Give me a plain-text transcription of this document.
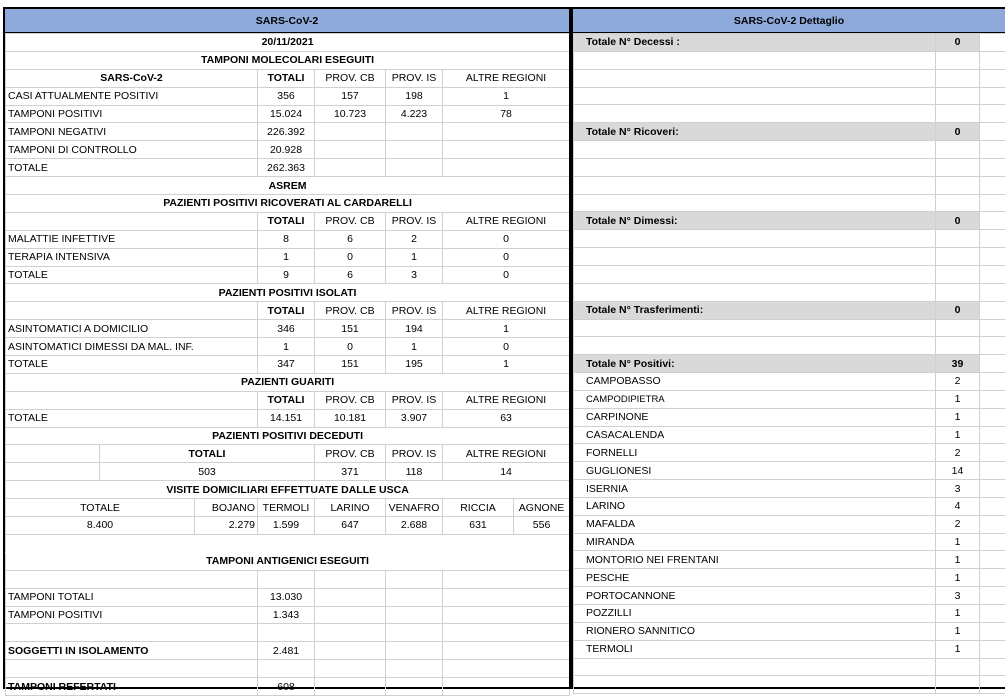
SARS-CoV-2
20/11/2021							
TAMPONI MOLECOLARI ESEGUITI							
SARS-CoV-2			TOTALI	PROV. CB	PROV. IS	ALTRE REGIONI	
CASI ATTUALMENTE POSITIVI			356	157	198	1	
TAMPONI POSITIVI			15.024	10.723	4.223	78	
TAMPONI NEGATIVI			226.392				
TAMPONI DI CONTROLLO			20.928				
TOTALE			262.363				
ASREM							
PAZIENTI POSITIVI RICOVERATI AL CARDARELLI							
			TOTALI	PROV. CB	PROV. IS	ALTRE REGIONI	
MALATTIE INFETTIVE			8	6	2	0	
TERAPIA INTENSIVA			1	0	1	0	
TOTALE			9	6	3	0	
PAZIENTI POSITIVI ISOLATI							
			TOTALI	PROV. CB	PROV. IS	ALTRE REGIONI	
ASINTOMATICI A DOMICILIO			346	151	194	1	
ASINTOMATICI DIMESSI DA MAL. INF.			1	0	1	0	
TOTALE			347	151	195	1	
PAZIENTI GUARITI							
			TOTALI	PROV. CB	PROV. IS	ALTRE REGIONI	
TOTALE			14.151	10.181	3.907	63	
PAZIENTI POSITIVI DECEDUTI							
	TOTALI			PROV. CB	PROV. IS	ALTRE REGIONI	
	503			371	118	14	
VISITE DOMICILIARI EFFETTUATE DALLE USCA							
TOTALE		BOJANO	TERMOLI	LARINO	VENAFRO	RICCIA	AGNONE
8.400		2.279	1.599	647	2.688	631	556

TAMPONI ANTIGENICI ESEGUITI							

TAMPONI TOTALI			13.030				
TAMPONI POSITIVI			1.343				

SOGGETTI IN ISOLAMENTO			2.481				

TAMPONI REFERTATI			608				
SARS-CoV-2 Dettaglio
Totale N° Decessi :	0	

Totale N° Ricoveri:	0	

Totale N° Dimessi:	0	

Totale N° Trasferimenti:	0	

Totale N° Positivi:	39	
CAMPOBASSO	2	
CAMPODIPIETRA	1	
CARPINONE	1	
CASACALENDA	1	
FORNELLI	2	
GUGLIONESI	14	
ISERNIA	3	
LARINO	4	
MAFALDA	2	
MIRANDA	1	
MONTORIO NEI FRENTANI	1	
PESCHE	1	
PORTOCANNONE	3	
POZZILLI	1	
RIONERO SANNITICO	1	
TERMOLI	1	
